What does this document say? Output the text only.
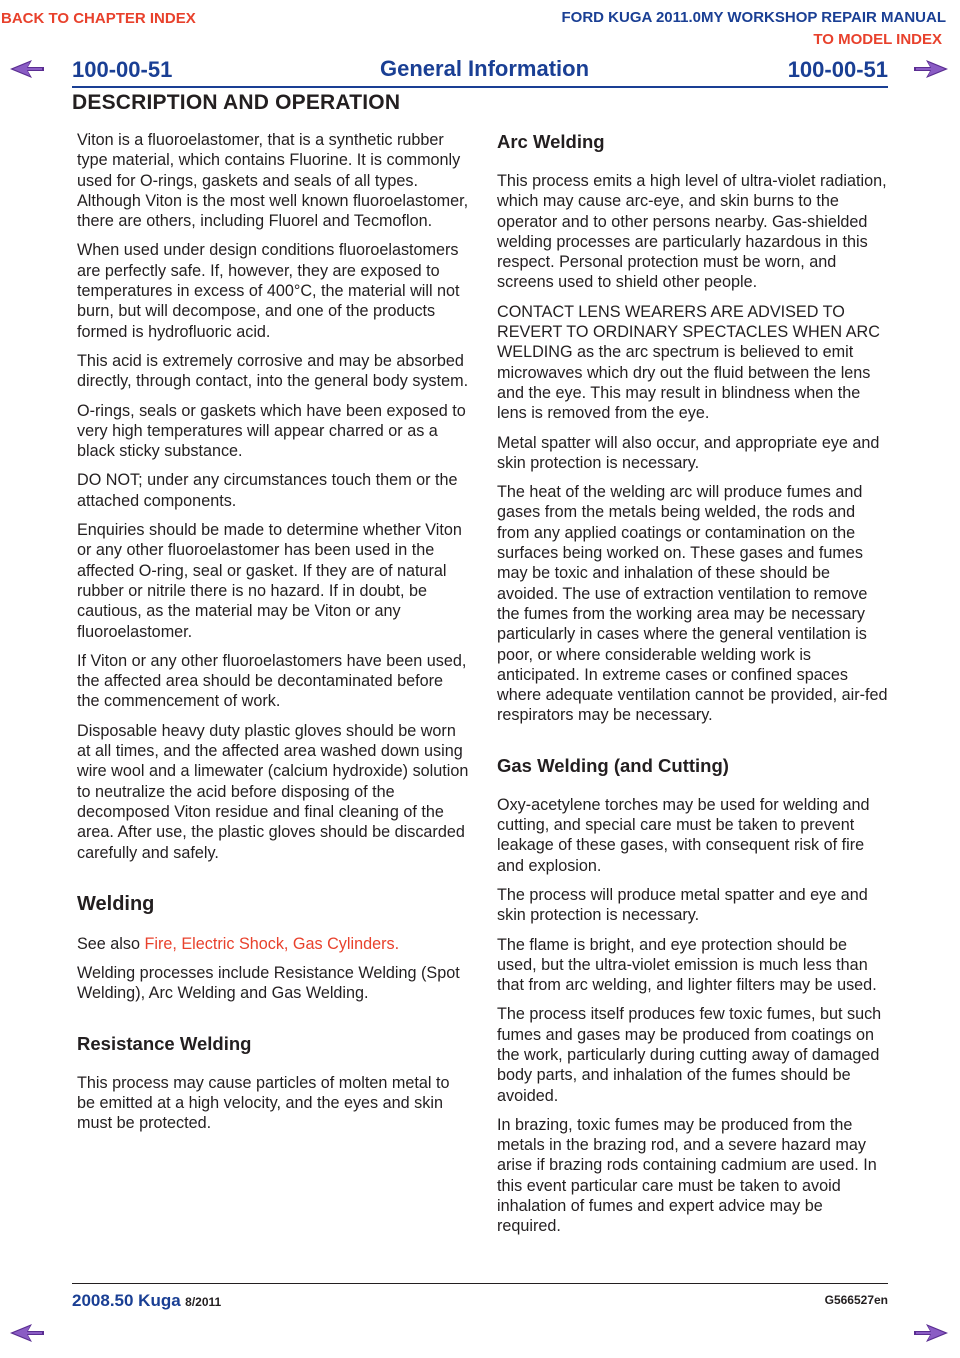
BACK TO CHAPTER INDEX	FORD KUGA 2011.0MY WORKSHOP REPAIR MANUAL
TO MODEL INDEX
100-00-51	General Information	100-00-51
DESCRIPTION AND OPERATION

Viton is a fluoroelastomer, that is a synthetic rubber type material, which contains Fluorine. It is commonly used for O-rings, gaskets and seals of all types. Although Viton is the most well known fluoroelastomer, there are others, including Fluorel and Tecmoflon.

When used under design conditions fluoroelastomers are perfectly safe. If, however, they are exposed to temperatures in excess of 400°C, the material will not burn, but will decompose, and one of the products formed is hydrofluoric acid.

This acid is extremely corrosive and may be absorbed directly, through contact, into the general body system.

O-rings, seals or gaskets which have been exposed to very high temperatures will appear charred or as a black sticky substance.

DO NOT; under any circumstances touch them or the attached components.

Enquiries should be made to determine whether Viton or any other fluoroelastomer has been used in the affected O-ring, seal or gasket. If they are of natural rubber or nitrile there is no hazard. If in doubt, be cautious, as the material may be Viton or any fluoroelastomer.

If Viton or any other fluoroelastomers have been used, the affected area should be decontaminated before the commencement of work.

Disposable heavy duty plastic gloves should be worn at all times, and the affected area washed down using wire wool and a limewater (calcium hydroxide) solution to neutralize the acid before disposing of the decomposed Viton residue and final cleaning of the area. After use, the plastic gloves should be discarded carefully and safely.

Welding

See also Fire, Electric Shock, Gas Cylinders.

Welding processes include Resistance Welding (Spot Welding), Arc Welding and Gas Welding.

Resistance Welding

This process may cause particles of molten metal to be emitted at a high velocity, and the eyes and skin must be protected.

Arc Welding

This process emits a high level of ultra-violet radiation, which may cause arc-eye, and skin burns to the operator and to other persons nearby. Gas-shielded welding processes are particularly hazardous in this respect. Personal protection must be worn, and screens used to shield other people.

CONTACT LENS WEARERS ARE ADVISED TO REVERT TO ORDINARY SPECTACLES WHEN ARC WELDING as the arc spectrum is believed to emit microwaves which dry out the fluid between the lens and the eye. This may result in blindness when the lens is removed from the eye.

Metal spatter will also occur, and appropriate eye and skin protection is necessary.

The heat of the welding arc will produce fumes and gases from the metals being welded, the rods and from any applied coatings or contamination on the surfaces being worked on. These gases and fumes may be toxic and inhalation of these should be avoided. The use of extraction ventilation to remove the fumes from the working area may be necessary particularly in cases where the general ventilation is poor, or where considerable welding work is anticipated. In extreme cases or confined spaces where adequate ventilation cannot be provided, air-fed respirators may be necessary.

Gas Welding (and Cutting)

Oxy-acetylene torches may be used for welding and cutting, and special care must be taken to prevent leakage of these gases, with consequent risk of fire and explosion.

The process will produce metal spatter and eye and skin protection is necessary.

The flame is bright, and eye protection should be used, but the ultra-violet emission is much less than that from arc welding, and lighter filters may be used.

The process itself produces few toxic fumes, but such fumes and gases may be produced from coatings on the work, particularly during cutting away of damaged body parts, and inhalation of the fumes should be avoided.

In brazing, toxic fumes may be produced from the metals in the brazing rod, and a severe hazard may arise if brazing rods containing cadmium are used. In this event particular care must be taken to avoid inhalation of fumes and expert advice may be required.

2008.50 Kuga 8/2011	G566527en
